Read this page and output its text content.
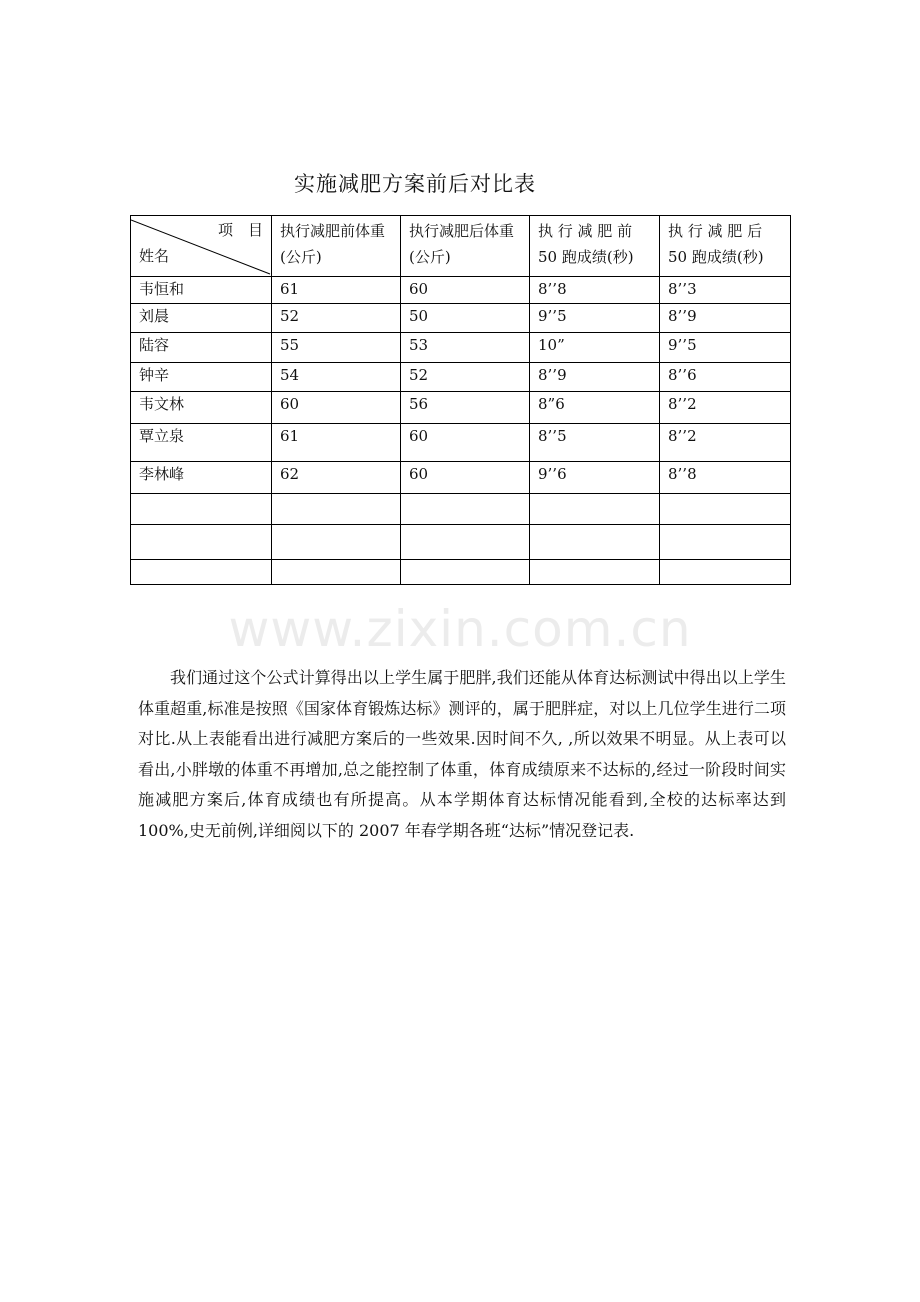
实施减肥方案前后对比表
项　目
姓名	执行减肥前体重(公斤)	执行减肥后体重(公斤)	执 行 减 肥 前 50 跑成绩(秒)	执 行 减 肥 后 50 跑成绩(秒)
韦恒和	61	60	8’’8	8’’3
刘晨	52	50	9’’5	8’’9
陆容	55	53	10”	9’’5
钟辛	54	52	8’’9	8’’6
韦文林	60	56	8”6	8’’2
覃立泉	61	60	8’’5	8’’2
李林峰	62	60	9’’6	8’’8

www.zixin.com.cn
我们通过这个公式计算得出以上学生属于肥胖,我们还能从体育达标测试中得出以上学生体重超重,标准是按照《国家体育锻炼达标》测评的，属于肥胖症，对以上几位学生进行二项对比.从上表能看出进行减肥方案后的一些效果.因时间不久, ,所以效果不明显。从上表可以看出,小胖墩的体重不再增加,总之能控制了体重，体育成绩原来不达标的,经过一阶段时间实施减肥方案后,体育成绩也有所提高。从本学期体育达标情况能看到,全校的达标率达到 100%,史无前例,详细阅以下的 2007 年春学期各班“达标”情况登记表.
